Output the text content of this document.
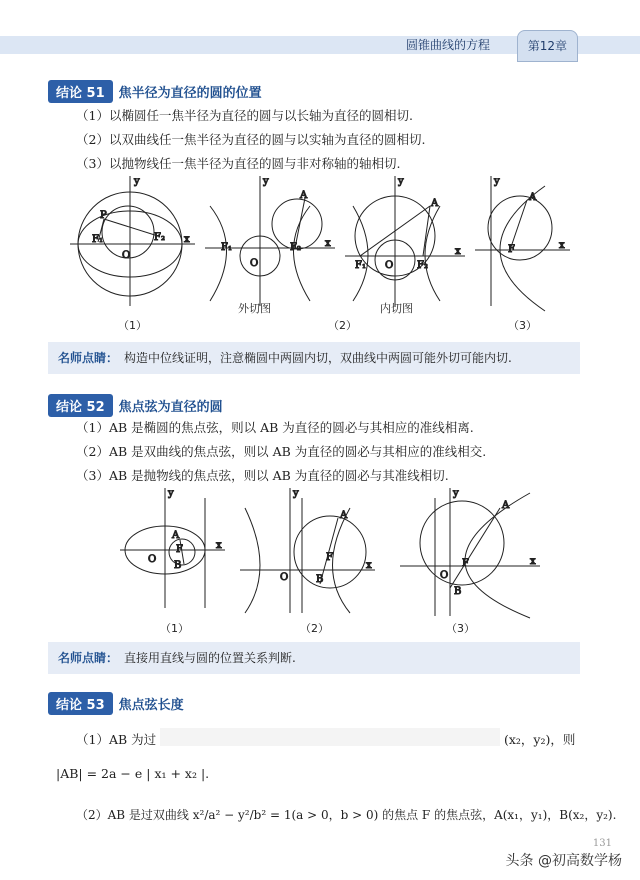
圆锥曲线的方程	第12章
结论 51 焦半径为直径的圆的位置
（1）以椭圆任一焦半径为直径的圆与以长轴为直径的圆相切.
（2）以双曲线任一焦半径为直径的圆与以实轴为直径的圆相切.
（3）以抛物线任一焦半径为直径的圆与非对称轴的轴相切.
x
y
P
F₁	F₂
O
（1）
x
y
A
F₁	F₂
O
x
y
A
F₁	F₂
O
x
y
A
F
外切图	内切图
（2）	（3）
名师点睛： 构造中位线证明，注意椭圆中两圆内切，双曲线中两圆可能外切可能内切.
结论 52 焦点弦为直径的圆
（1）AB 是椭圆的焦点弦，则以 AB 为直径的圆必与其相应的准线相离.
（2）AB 是双曲线的焦点弦，则以 AB 为直径的圆必与其相应的准线相交.
（3）AB 是抛物线的焦点弦，则以 AB 为直径的圆必与其准线相切.
x
y
O
A
F
B	x
y
O
A
F
B
x
y
O
A
F
B
（1）	（2）	（3）
名师点睛： 直接用直线与圆的位置关系判断.
结论 53 焦点弦长度
（1）AB 为过	(x₂，y₂)，则
|AB| = 2a − e | x₁ + x₂ |.
（2）AB 是过双曲线 x²/a² − y²/b² = 1(a > 0，b > 0) 的焦点 F 的焦点弦，A(x₁，y₁)，B(x₂，y₂).
131
头条 @初高数学杨
